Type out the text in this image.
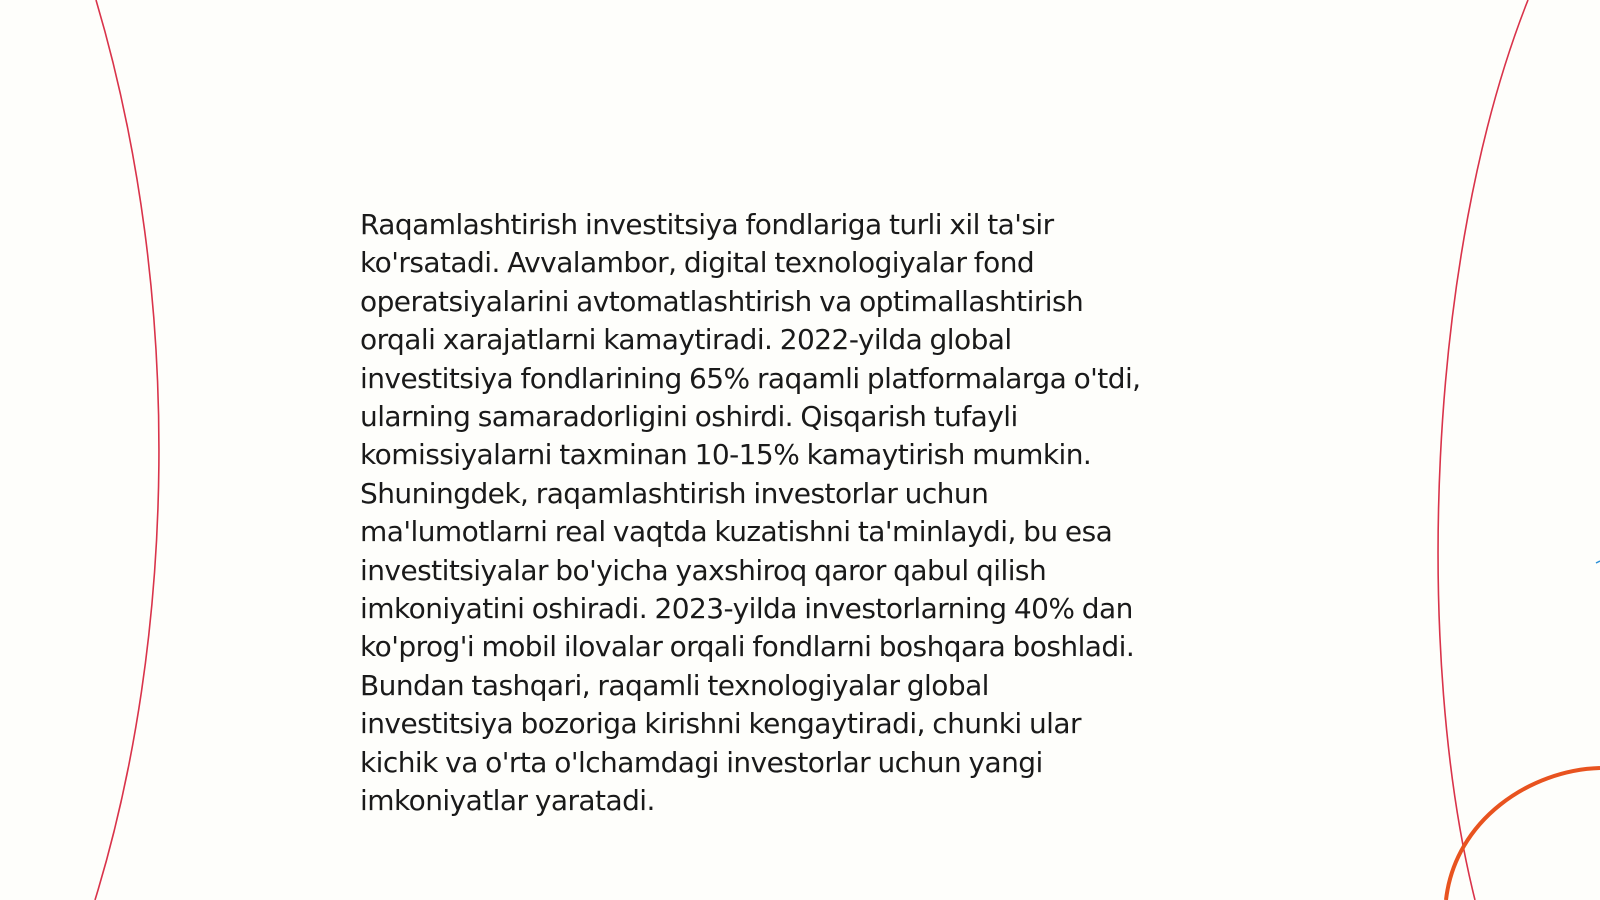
Raqamlashtirish investitsiya fondlariga turli xil ta'sir
ko'rsatadi. Avvalambor, digital texnologiyalar fond
operatsiyalarini avtomatlashtirish va optimallashtirish
orqali xarajatlarni kamaytiradi. 2022-yilda global
investitsiya fondlarining 65% raqamli platformalarga o'tdi,
ularning samaradorligini oshirdi. Qisqarish tufayli
komissiyalarni taxminan 10-15% kamaytirish mumkin.
Shuningdek, raqamlashtirish investorlar uchun
ma'lumotlarni real vaqtda kuzatishni ta'minlaydi, bu esa
investitsiyalar bo'yicha yaxshiroq qaror qabul qilish
imkoniyatini oshiradi. 2023-yilda investorlarning 40% dan
ko'prog'i mobil ilovalar orqali fondlarni boshqara boshladi.
Bundan tashqari, raqamli texnologiyalar global
investitsiya bozoriga kirishni kengaytiradi, chunki ular
kichik va o'rta o'lchamdagi investorlar uchun yangi
imkoniyatlar yaratadi.
